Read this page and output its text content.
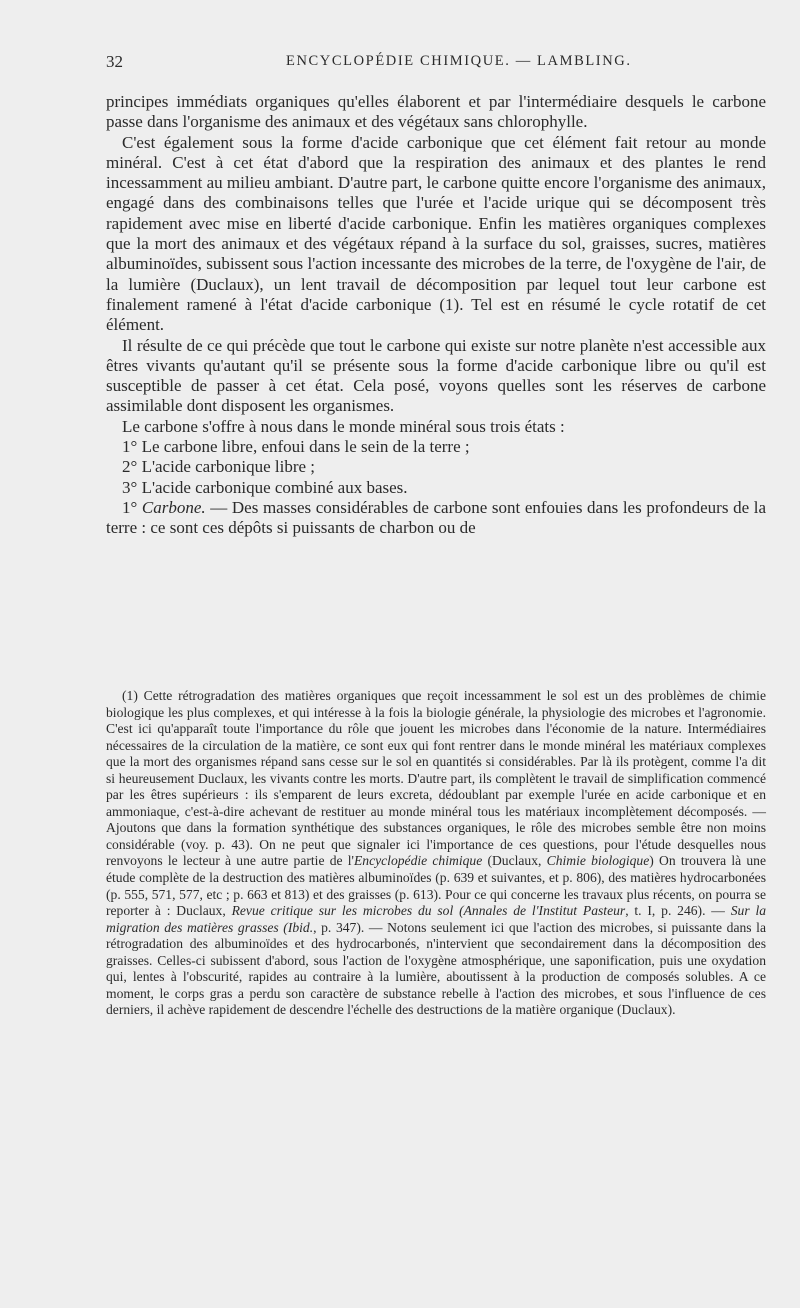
32	ENCYCLOPÉDIE CHIMIQUE. — LAMBLING.

principes immédiats organiques qu'elles élaborent et par l'intermédiaire desquels le carbone passe dans l'organisme des animaux et des végétaux sans chlorophylle.

C'est également sous la forme d'acide carbonique que cet élément fait retour au monde minéral. C'est à cet état d'abord que la respiration des animaux et des plantes le rend incessamment au milieu ambiant. D'autre part, le carbone quitte encore l'organisme des animaux, engagé dans des combinaisons telles que l'urée et l'acide urique qui se décomposent très rapidement avec mise en liberté d'acide carbonique. Enfin les matières organiques complexes que la mort des animaux et des végétaux répand à la surface du sol, graisses, sucres, matières albuminoïdes, subissent sous l'action incessante des microbes de la terre, de l'oxygène de l'air, de la lumière (Duclaux), un lent travail de décomposition par lequel tout leur carbone est finalement ramené à l'état d'acide carbonique (1). Tel est en résumé le cycle rotatif de cet élément.

Il résulte de ce qui précède que tout le carbone qui existe sur notre planète n'est accessible aux êtres vivants qu'autant qu'il se présente sous la forme d'acide carbonique libre ou qu'il est susceptible de passer à cet état. Cela posé, voyons quelles sont les réserves de carbone assimilable dont disposent les organismes.

Le carbone s'offre à nous dans le monde minéral sous trois états :

1° Le carbone libre, enfoui dans le sein de la terre ;

2° L'acide carbonique libre ;

3° L'acide carbonique combiné aux bases.

1° Carbone. — Des masses considérables de carbone sont enfouies dans les profondeurs de la terre : ce sont ces dépôts si puissants de charbon ou de

(1) Cette rétrogradation des matières organiques que reçoit incessamment le sol est un des problèmes de chimie biologique les plus complexes, et qui intéresse à la fois la biologie générale, la physiologie des microbes et l'agronomie. C'est ici qu'apparaît toute l'importance du rôle que jouent les microbes dans l'économie de la nature. Intermédiaires nécessaires de la circulation de la matière, ce sont eux qui font rentrer dans le monde minéral les matériaux complexes que la mort des organismes répand sans cesse sur le sol en quantités si considérables. Par là ils protègent, comme l'a dit si heureusement Duclaux, les vivants contre les morts. D'autre part, ils complètent le travail de simplification commencé par les êtres supérieurs : ils s'emparent de leurs excreta, dédoublant par exemple l'urée en acide carbonique et en ammoniaque, c'est-à-dire achevant de restituer au monde minéral tous les matériaux incomplètement décomposés. — Ajoutons que dans la formation synthétique des substances organiques, le rôle des microbes semble être non moins considérable (voy. p. 43). On ne peut que signaler ici l'importance de ces questions, pour l'étude desquelles nous renvoyons le lecteur à une autre partie de l'Encyclopédie chimique (Duclaux, Chimie biologique) On trouvera là une étude complète de la destruction des matières albuminoïdes (p. 639 et suivantes, et p. 806), des matières hydrocarbonées (p. 555, 571, 577, etc ; p. 663 et 813) et des graisses (p. 613). Pour ce qui concerne les travaux plus récents, on pourra se reporter à : Duclaux, Revue critique sur les microbes du sol (Annales de l'Institut Pasteur, t. I, p. 246). — Sur la migration des matières grasses (Ibid., p. 347). — Notons seulement ici que l'action des microbes, si puissante dans la rétrogradation des albuminoïdes et des hydrocarbonés, n'intervient que secondairement dans la décomposition des graisses. Celles-ci subissent d'abord, sous l'action de l'oxygène atmosphérique, une saponification, puis une oxydation qui, lentes à l'obscurité, rapides au contraire à la lumière, aboutissent à la production de composés solubles. A ce moment, le corps gras a perdu son caractère de substance rebelle à l'action des microbes, et sous l'influence de ces derniers, il achève rapidement de descendre l'échelle des destructions de la matière organique (Duclaux).
